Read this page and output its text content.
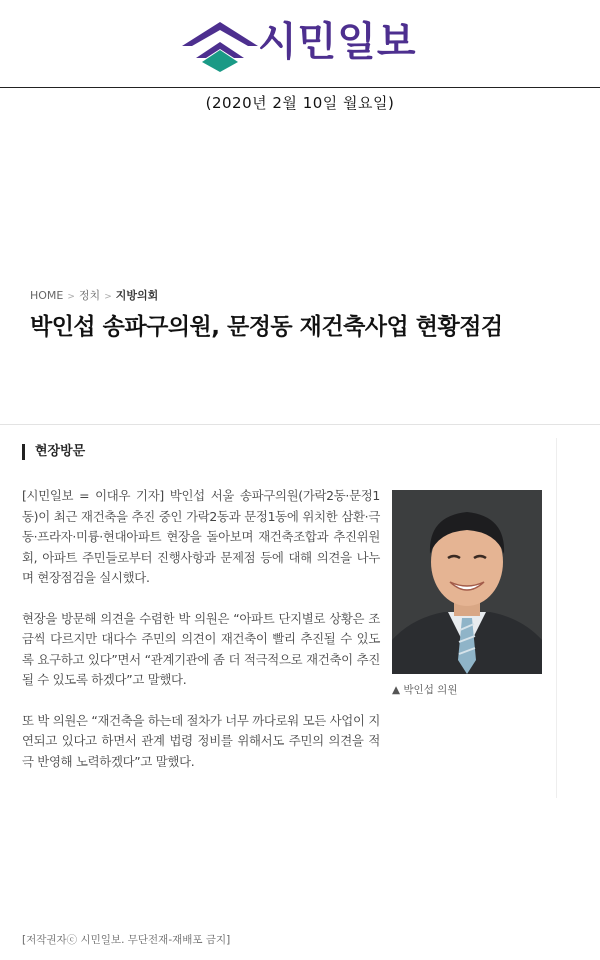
시민일보
(2020년 2월 10일 월요일)
HOME > 정치 > 지방의회
박인섭 송파구의원, 문정동 재건축사업 현황점검
현장방문

[시민일보 = 이대우 기자] 박인섭 서울 송파구의원(가락2동·문정1동)이 최근 재건축을 추진 중인 가락2동과 문정1동에 위치한 삼환·극동·프라자·미륭·현대아파트 현장을 돌아보며 재건축조합과 추진위원회, 아파트 주민들로부터 진행사항과 문제점 등에 대해 의견을 나누며 현장점검을 실시했다.

현장을 방문해 의견을 수렴한 박 의원은 “아파트 단지별로 상황은 조금씩 다르지만 대다수 주민의 의견이 재건축이 빨리 추진될 수 있도록 요구하고 있다”면서 “관계기관에 좀 더 적극적으로 재건축이 추진될 수 있도록 하겠다”고 말했다.

또 박 의원은 “재건축을 하는데 절차가 너무 까다로워 모든 사업이 지연되고 있다고 하면서 관계 법령 정비를 위해서도 주민의 의견을 적극 반영해 노력하겠다”고 말했다.

▲ 박인섭 의원
[저작권자ⓒ 시민일보. 무단전재-재배포 금지]
